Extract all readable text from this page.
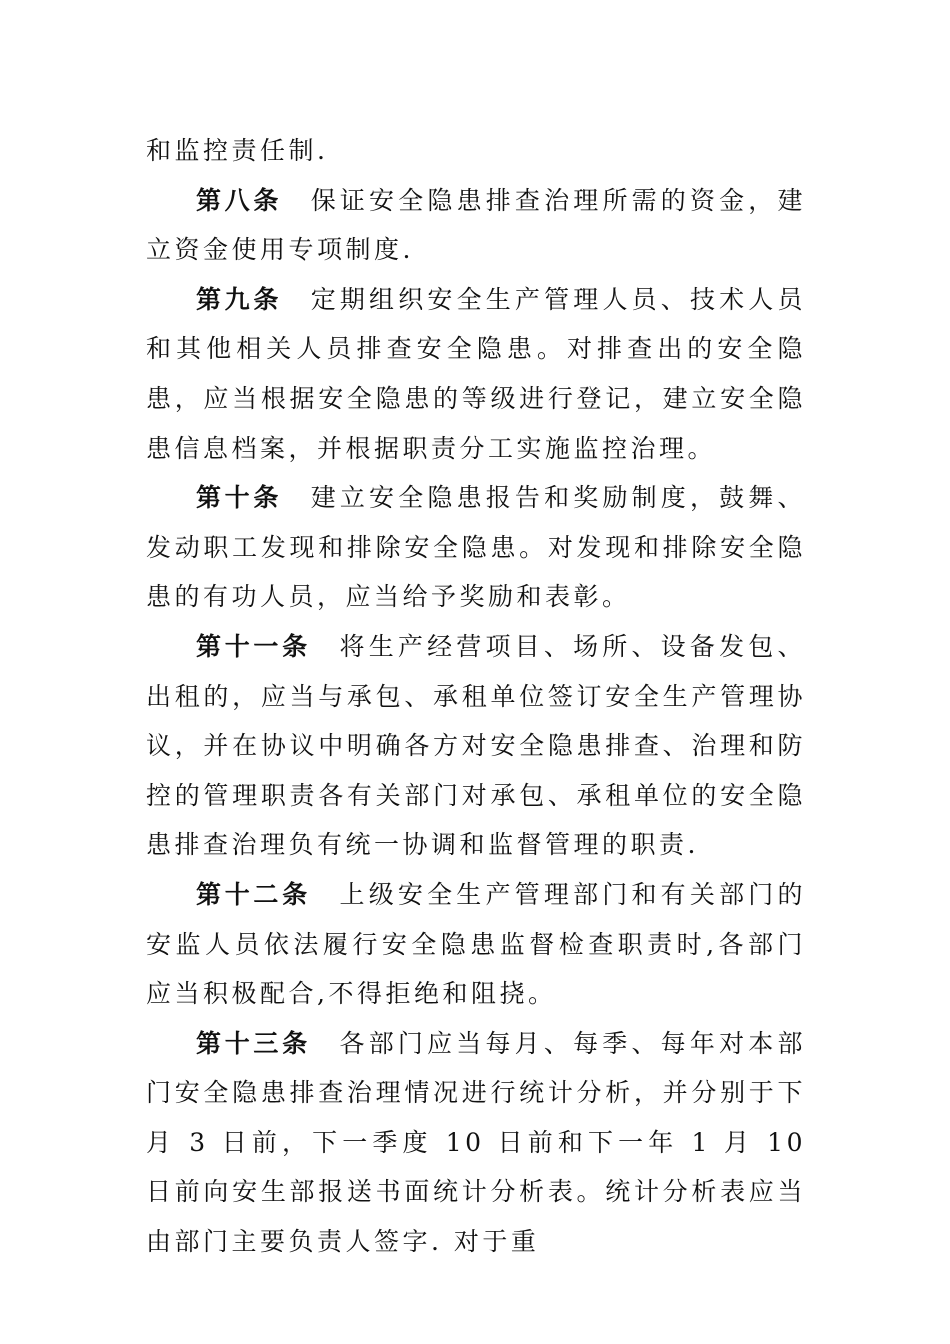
和监控责任制.

第八条 保证安全隐患排查治理所需的资金，建立资金使用专项制度.

第九条 定期组织安全生产管理人员、技术人员和其他相关人员排查安全隐患。对排查出的安全隐患，应当根据安全隐患的等级进行登记，建立安全隐患信息档案，并根据职责分工实施监控治理。

第十条 建立安全隐患报告和奖励制度，鼓舞、发动职工发现和排除安全隐患。对发现和排除安全隐患的有功人员，应当给予奖励和表彰。

第十一条 将生产经营项目、场所、设备发包、出租的，应当与承包、承租单位签订安全生产管理协议，并在协议中明确各方对安全隐患排查、治理和防控的管理职责各有关部门对承包、承租单位的安全隐患排查治理负有统一协调和监督管理的职责.

第十二条 上级安全生产管理部门和有关部门的安监人员依法履行安全隐患监督检查职责时,各部门应当积极配合,不得拒绝和阻挠。

第十三条 各部门应当每月、每季、每年对本部门安全隐患排查治理情况进行统计分析，并分别于下月 3 日前，下一季度 10 日前和下一年 1 月 10 日前向安生部报送书面统计分析表。统计分析表应当由部门主要负责人签字. 对于重
